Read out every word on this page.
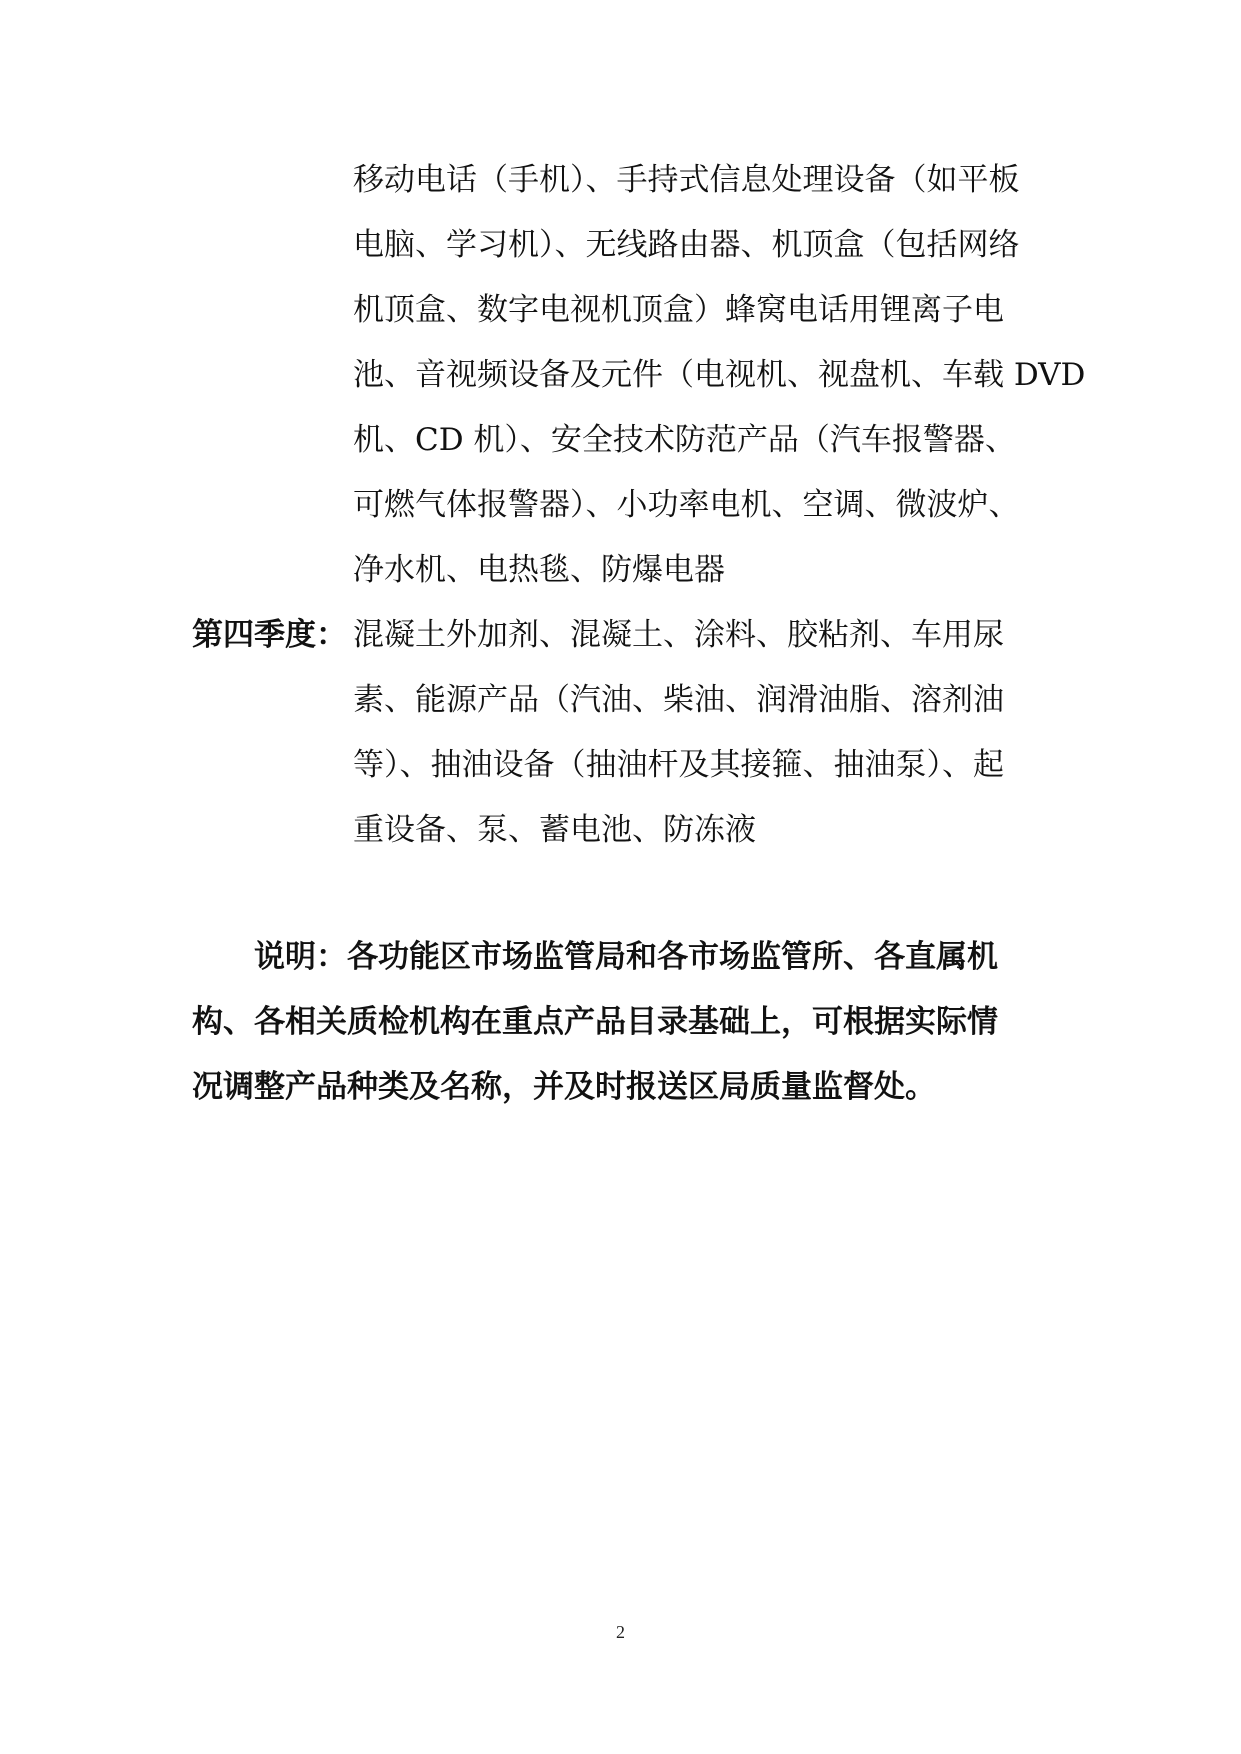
移动电话（手机）、手持式信息处理设备（如平板
电脑、学习机）、无线路由器、机顶盒（包括网络
机顶盒、数字电视机顶盒）蜂窝电话用锂离子电
池、音视频设备及元件（电视机、视盘机、车载 DVD
机、CD 机）、安全技术防范产品（汽车报警器、
可燃气体报警器）、小功率电机、空调、微波炉、
净水机、电热毯、防爆电器
第四季度： 混凝土外加剂、混凝土、涂料、胶粘剂、车用尿
素、能源产品（汽油、柴油、润滑油脂、溶剂油
等）、抽油设备（抽油杆及其接箍、抽油泵）、起
重设备、泵、蓄电池、防冻液
说明：各功能区市场监管局和各市场监管所、各直属机
构、各相关质检机构在重点产品目录基础上，可根据实际情
况调整产品种类及名称，并及时报送区局质量监督处。
2
